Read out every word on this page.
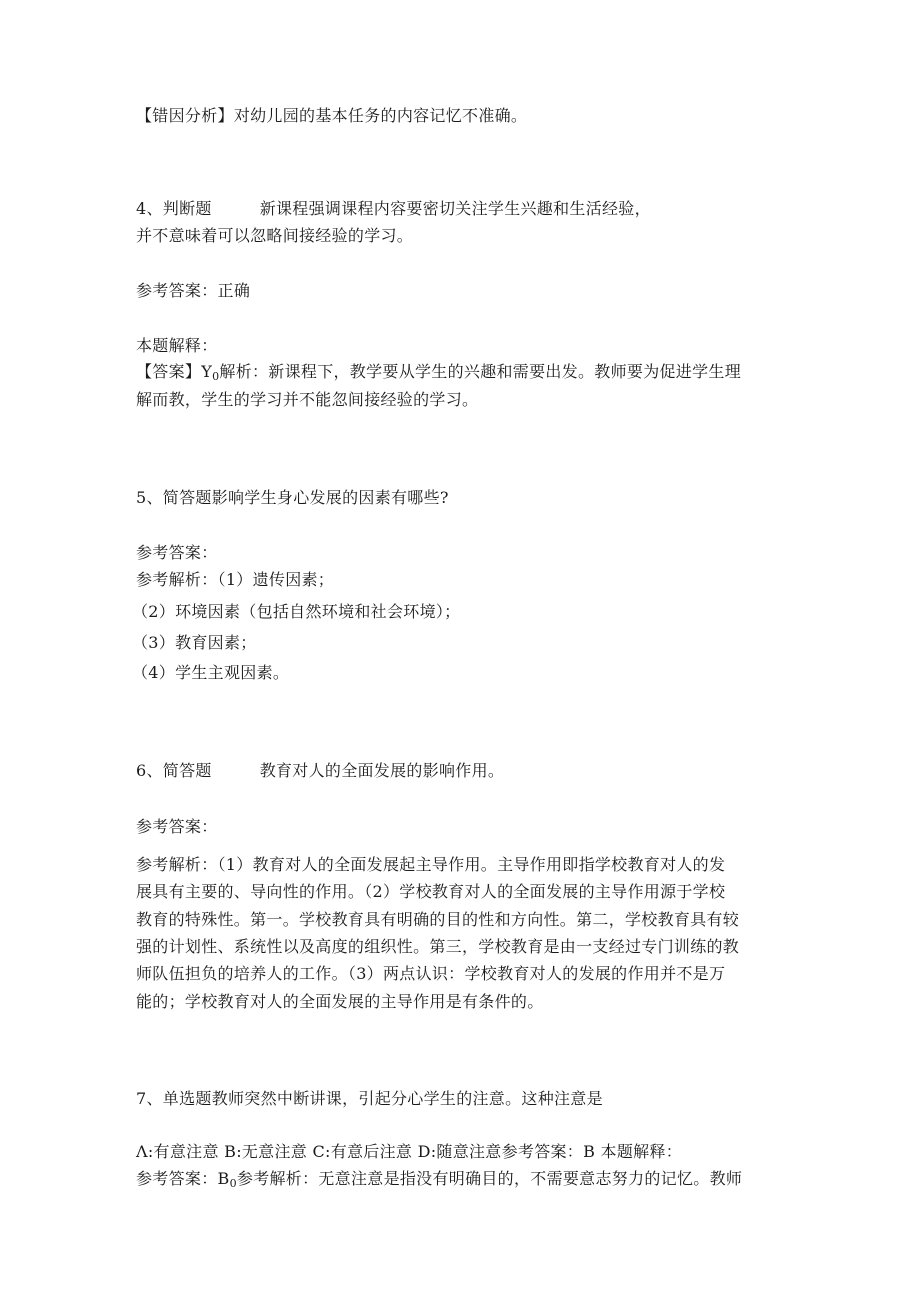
【错因分析】对幼儿园的基本任务的内容记忆不准确。
4、判断题	新课程强调课程内容要密切关注学生兴趣和生活经验，
并不意味着可以忽略间接经验的学习。
参考答案：正确
本题解释：
【答案】$Y_0$解析：新课程下，教学要从学生的兴趣和需要出发。教师要为促进学生理
解而教，学生的学习并不能忽间接经验的学习。
5、简答题影响学生身心发展的因素有哪些?
参考答案：
参考解析：（1）遗传因素；
（2）环境因素（包括自然环境和社会环境）；
（3）教育因素；
（4）学生主观因素。
6、简答题	教育对人的全面发展的影响作用。
参考答案：
参考解析：（1）教育对人的全面发展起主导作用。主导作用即指学校教育对人的发
展具有主要的、导向性的作用。（2）学校教育对人的全面发展的主导作用源于学校
教育的特殊性。第一。学校教育具有明确的目的性和方向性。第二，学校教育具有较
强的计划性、系统性以及高度的组织性。第三，学校教育是由一支经过专门训练的教
师队伍担负的培养人的工作。（3）两点认识：学校教育对人的发展的作用并不是万
能的；学校教育对人的全面发展的主导作用是有条件的。
7、单选题教师突然中断讲课，引起分心学生的注意。这种注意是
Λ:有意注意 B:无意注意 C:有意后注意 D:随意注意参考答案：B 本题解释：
参考答案：$B_0$参考解析：无意注意是指没有明确目的，不需要意志努力的记忆。教师
